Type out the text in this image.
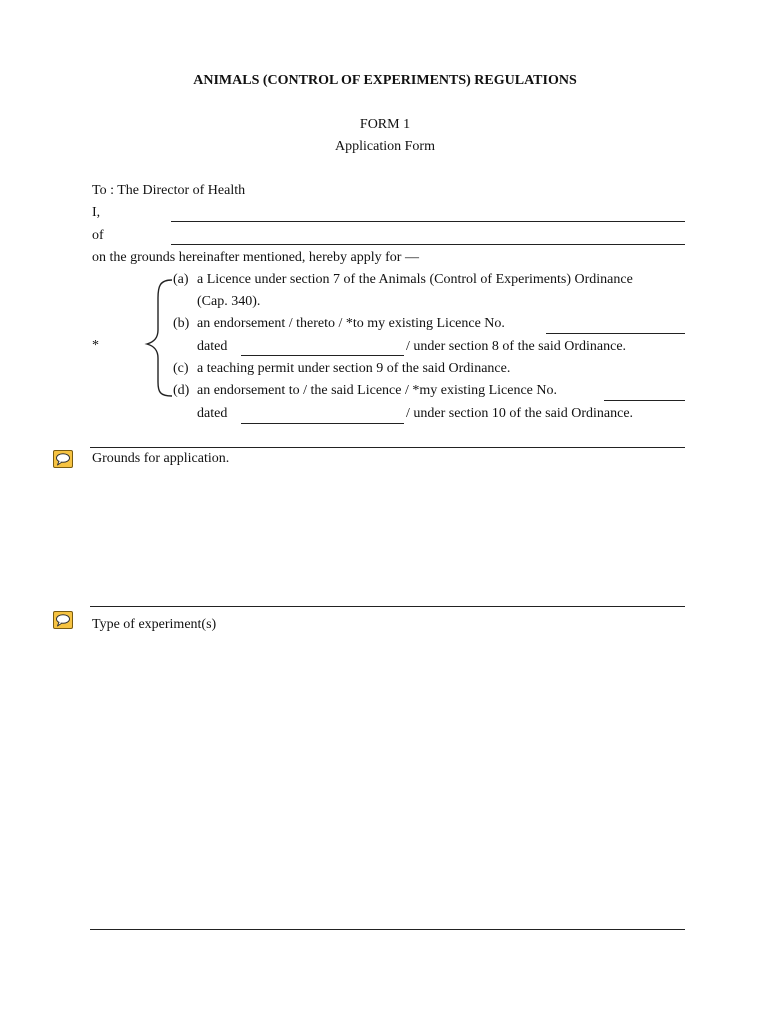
ANIMALS (CONTROL OF EXPERIMENTS) REGULATIONS
FORM 1
Application Form
To : The Director of Health
I,
of
on the grounds hereinafter mentioned, hereby apply for —
*
(a) a Licence under section 7 of the Animals (Control of Experiments) Ordinance
(Cap. 340).
(b) an endorsement / thereto / *to my existing Licence No.
dated	/ under section 8 of the said Ordinance.
(c) a teaching permit under section 9 of the said Ordinance.
(d) an endorsement to / the said Licence / *my existing Licence No.
dated	/ under section 10 of the said Ordinance.
Grounds for application.
Type of experiment(s)
